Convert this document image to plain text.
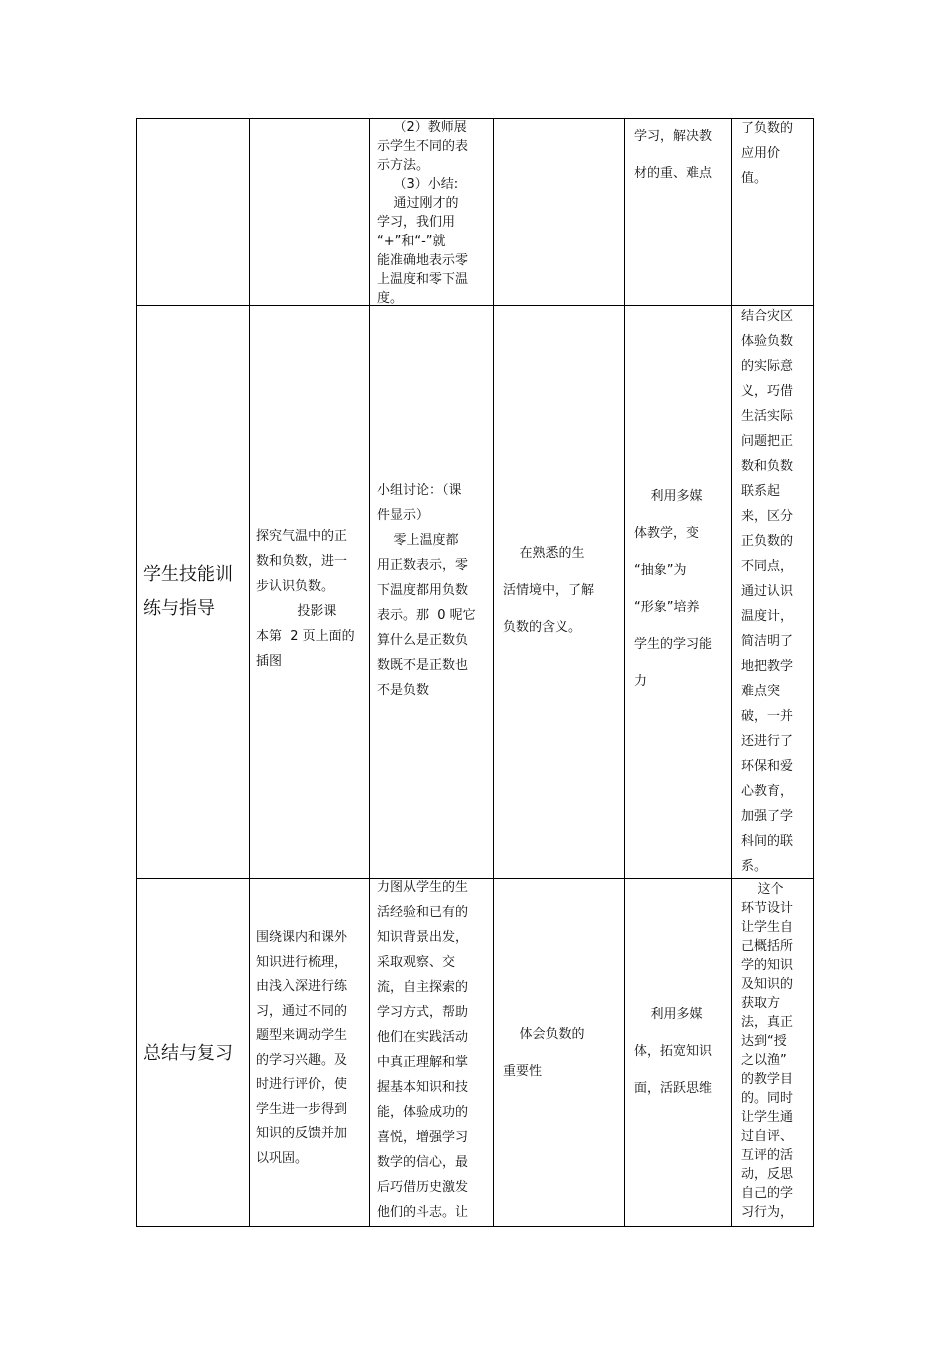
（2）教师展
示学生不同的表
示方法。
（3）小结:
通过刚才的
学习，我们用
“+”和“-”就
能准确地表示零
上温度和零下温
度。
学习，解决教
材的重、难点
了负数的
应用价
值。
学生技能训
练与指导
探究气温中的正
数和负数，进一
步认识负数。
投影课
本第  2 页上面的
插图
小组讨论：（课
件显示）
零上温度都
用正数表示，零
下温度都用负数
表示。那  0 呢它
算什么是正数负
数既不是正数也
不是负数
在熟悉的生
活情境中，了解
负数的含义。
利用多媒
体教学，变
“抽象”为
“形象”培养
学生的学习能
力
结合灾区
体验负数
的实际意
义，巧借
生活实际
问题把正
数和负数
联系起
来，区分
正负数的
不同点，
通过认识
温度计，
简洁明了
地把教学
难点突
破，一并
还进行了
环保和爱
心教育，
加强了学
科间的联
系。
总结与复习
围绕课内和课外
知识进行梳理，
由浅入深进行练
习，通过不同的
题型来调动学生
的学习兴趣。及
时进行评价，使
学生进一步得到
知识的反馈并加
以巩固。
力图从学生的生
活经验和已有的
知识背景出发，
采取观察、交
流，自主探索的
学习方式，帮助
他们在实践活动
中真正理解和掌
握基本知识和技
能，体验成功的
喜悦，增强学习
数学的信心，最
后巧借历史激发
他们的斗志。让
体会负数的
重要性
利用多媒
体，拓宽知识
面，活跃思维
这个
环节设计
让学生自
己概括所
学的知识
及知识的
获取方
法，真正
达到“授
之以渔”
的教学目
的。同时
让学生通
过自评、
互评的活
动，反思
自己的学
习行为，
